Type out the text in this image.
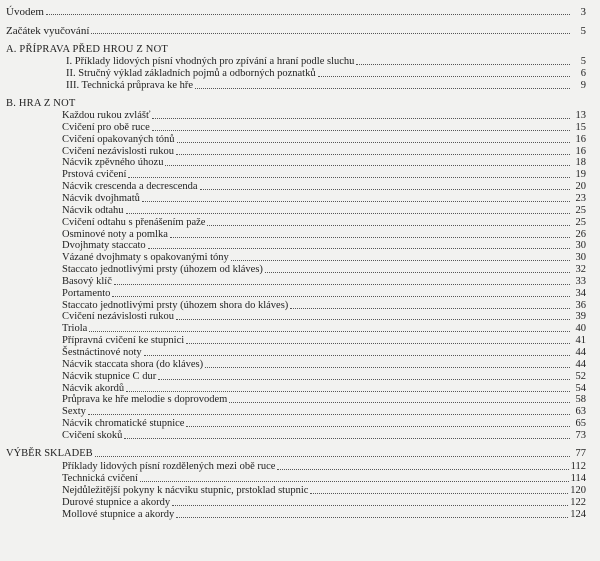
Úvodem	3
Začátek vyučování	5
A. PŘÍPRAVA PŘED HROU Z NOT
I. Příklady lidových písní vhodných pro zpívání a hraní podle sluchu	5
II. Stručný výklad základních pojmů a odborných poznatků	6
III. Technická průprava ke hře	9
B. HRA Z NOT
Každou rukou zvlášť	13
Cvičení pro obě ruce	15
Cvičení opakovaných tónů	16
Cvičení nezávislosti rukou	16
Nácvik zpěvného úhozu	18
Prstová cvičení	19
Nácvik crescenda a decrescenda	20
Nácvik dvojhmatů	23
Nácvik odtahu	25
Cvičení odtahu s přenášením paže	25
Osminové noty a pomlka	26
Dvojhmaty staccato	30
Vázané dvojhmaty s opakovanými tóny	30
Staccato jednotlivými prsty (úhozem od kláves)	32
Basový klíč	33
Portamento	34
Staccato jednotlivými prsty (úhozem shora do kláves)	36
Cvičení nezávislosti rukou	39
Triola	40
Přípravná cvičení ke stupnici	41
Šestnáctinové noty	44
Nácvik staccata shora (do kláves)	44
Nácvik stupnice C dur	52
Nácvik akordů	54
Průprava ke hře melodie s doprovodem	58
Sexty	63
Nácvik chromatické stupnice	65
Cvičení skoků	73
VÝBĚR SKLADEB	77
Příklady lidových písní rozdělených mezi obě ruce	112
Technická cvičení	114
Nejdůležitější pokyny k nácviku stupnic, prstoklad stupnic	120
Durové stupnice a akordy	122
Mollové stupnice a akordy	124
